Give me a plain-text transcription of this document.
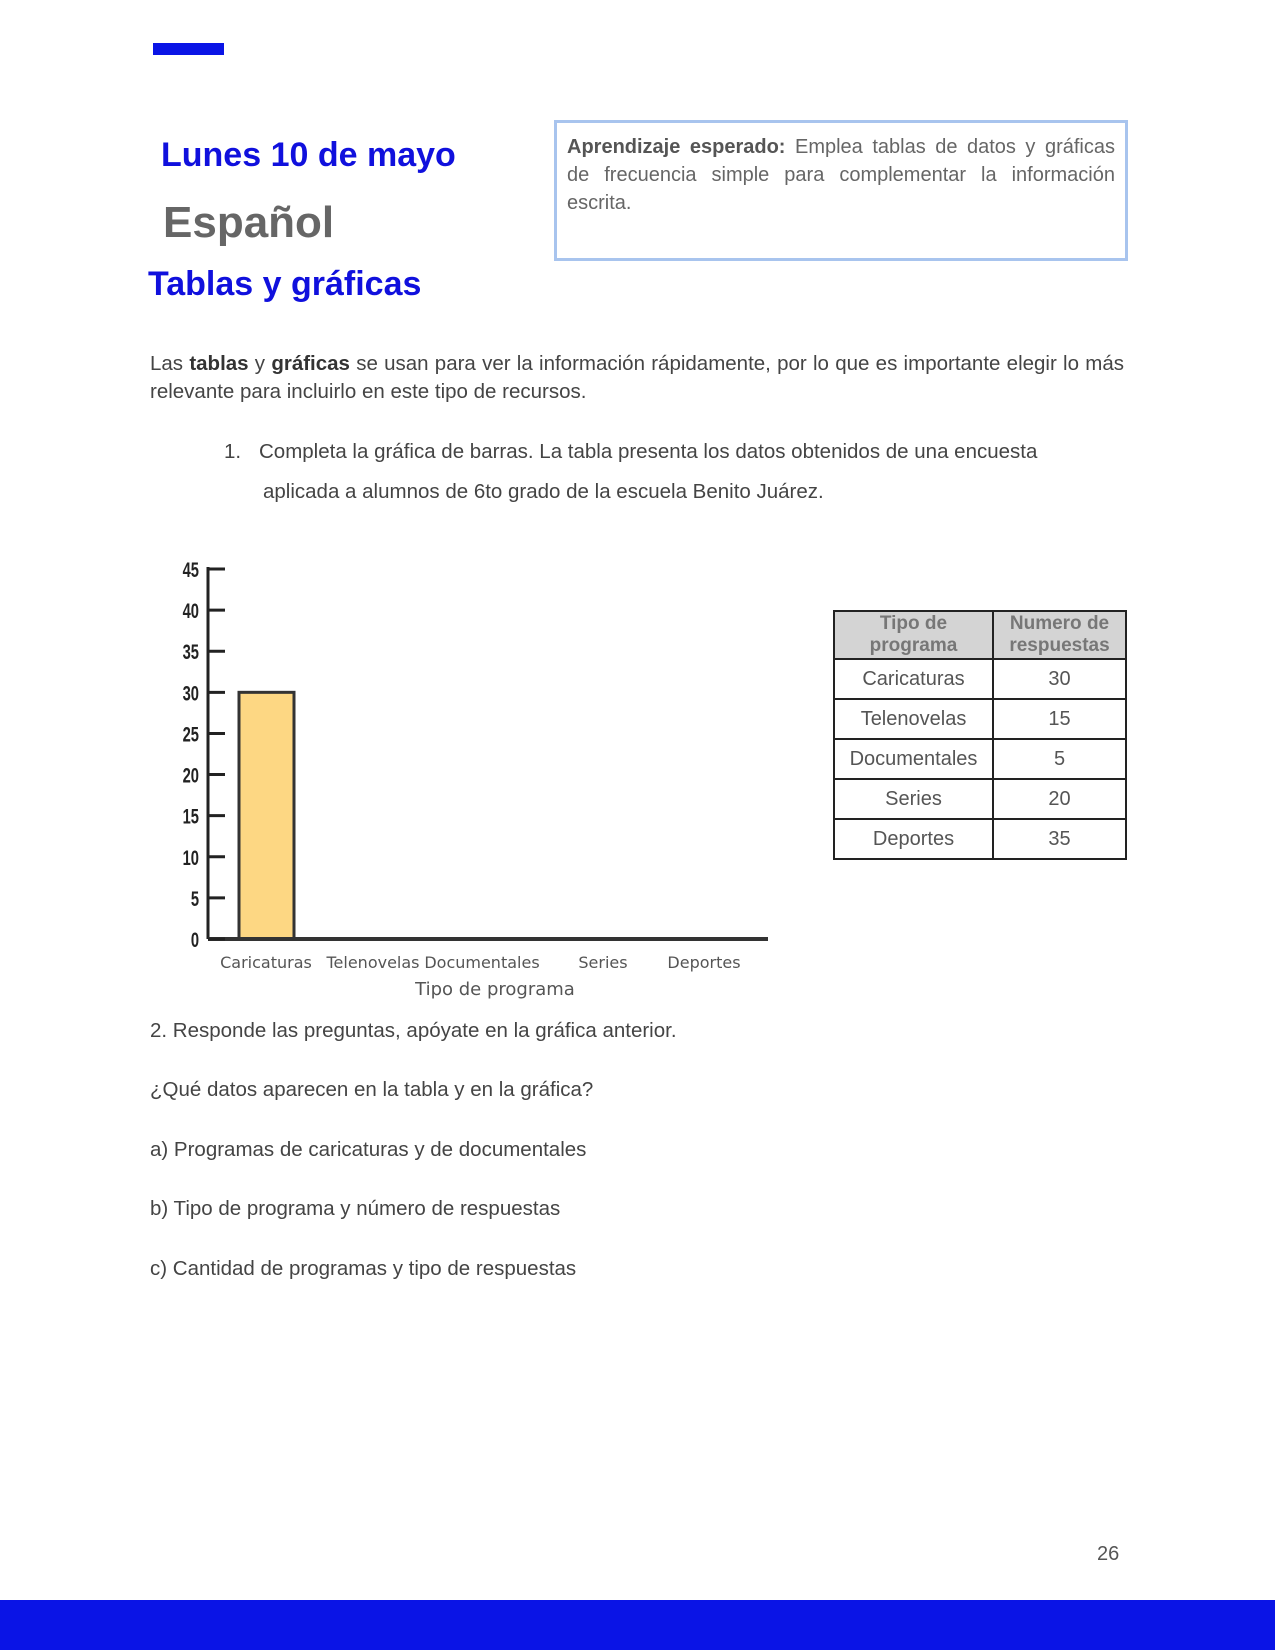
Lunes 10 de mayo
Español
Tablas y gráficas
Aprendizaje esperado: Emplea tablas de datos y gráficas de frecuencia simple para complementar la información escrita.
Las tablas y gráficas se usan para ver la información rápidamente, por lo que es importante elegir lo más relevante para incluirlo en este tipo de recursos.
1. Completa la gráfica de barras. La tabla presenta los datos obtenidos de una encuesta
aplicada a alumnos de 6to grado de la escuela Benito Juárez.
0
5
10
15
20
25
30
35
40
45
Caricaturas Telenovelas Documentales Series Deportes
Tipo de programa
Tipo de programa	Numero de respuestas
Caricaturas	30
Telenovelas	15
Documentales	5
Series	20
Deportes	35
2. Responde las preguntas, apóyate en la gráfica anterior.
¿Qué datos aparecen en la tabla y en la gráfica?
a) Programas de caricaturas y de documentales
b) Tipo de programa y número de respuestas
c) Cantidad de programas y tipo de respuestas
26
